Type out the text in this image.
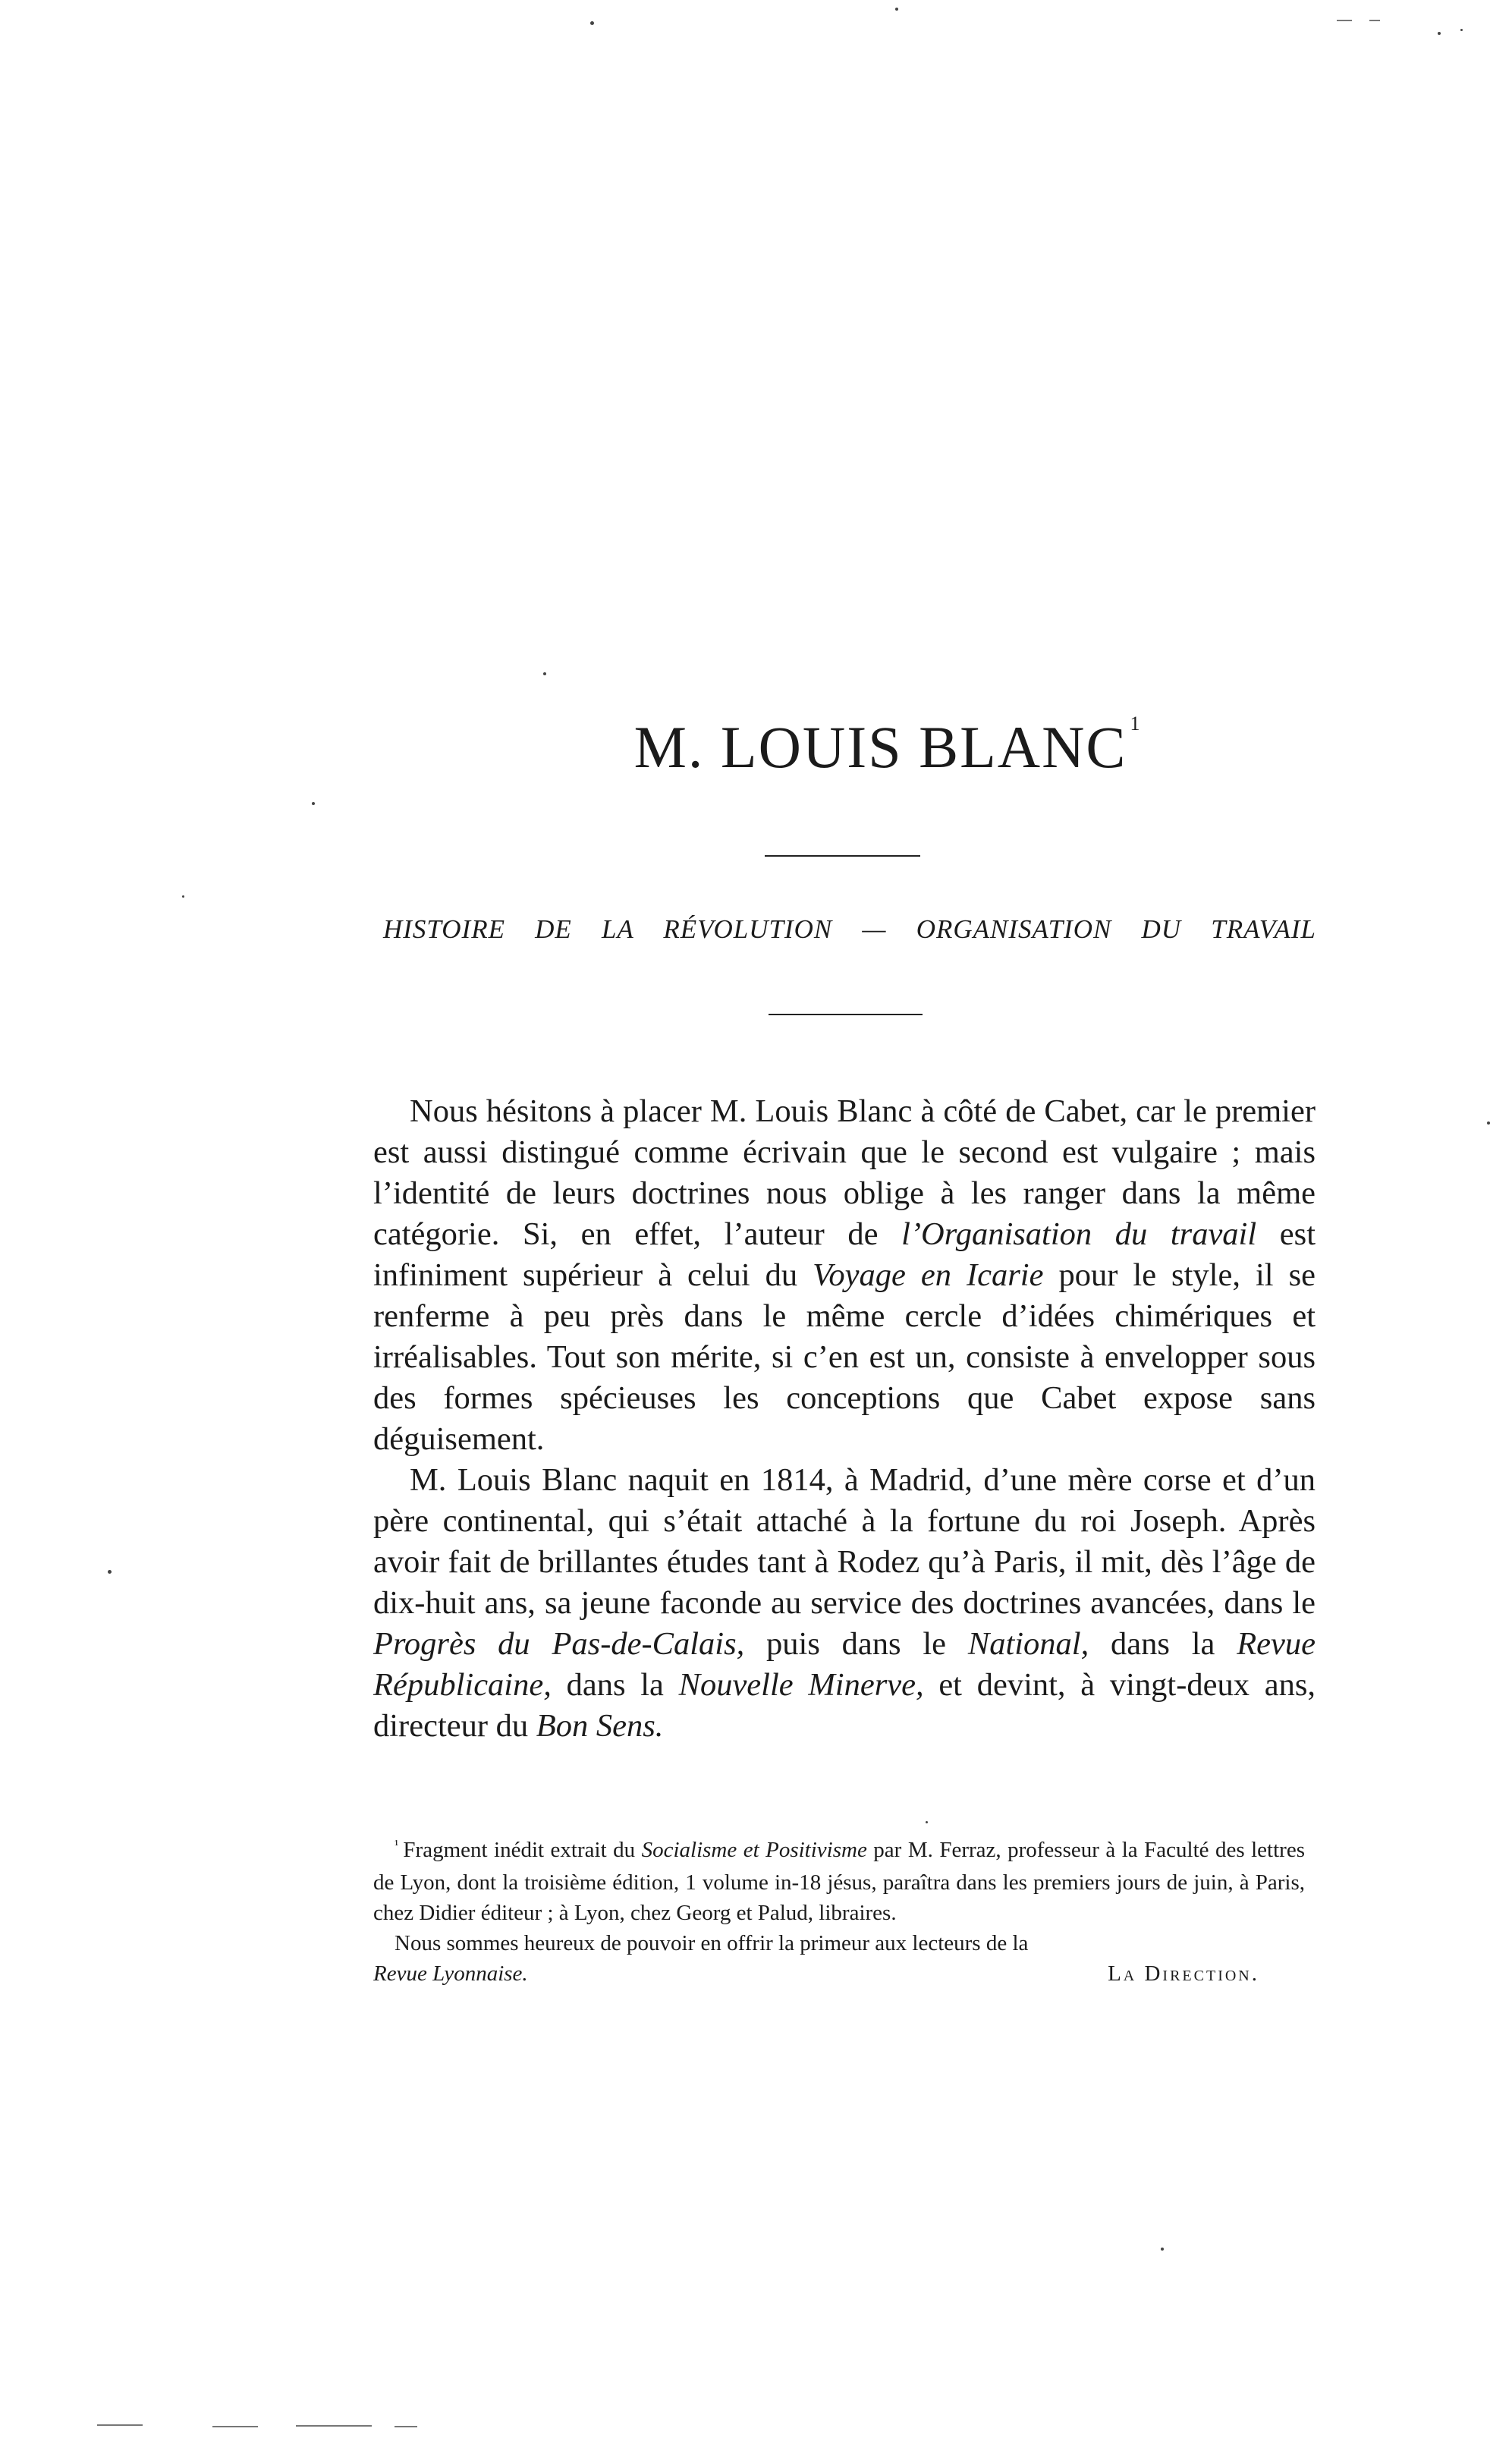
M. LOUIS BLANC $^1$
HISTOIRE DE LA RÉVOLUTION — ORGANISATION DU TRAVAIL

Nous hésitons à placer M. Louis Blanc à côté de Cabet, car le premier est aussi distingué comme écrivain que le second est vulgaire ; mais l’identité de leurs doctrines nous oblige à les ranger dans la même catégorie. Si, en effet, l’auteur de l’Organisation du travail est infiniment supérieur à celui du Voyage en Icarie pour le style, il se renferme à peu près dans le même cercle d’idées chimériques et irréalisables. Tout son mérite, si c’en est un, consiste à envelopper sous des formes spécieuses les conceptions que Cabet expose sans déguisement.

M. Louis Blanc naquit en 1814, à Madrid, d’une mère corse et d’un père continental, qui s’était attaché à la fortune du roi Joseph. Après avoir fait de brillantes études tant à Rodez qu’à Paris, il mit, dès l’âge de dix-huit ans, sa jeune faconde au service des doctrines avancées, dans le Progrès du Pas-de-Calais, puis dans le National, dans la Revue Républicaine, dans la Nouvelle Minerve, et devint, à vingt-deux ans, directeur du Bon Sens.

$^{^1}$ Fragment inédit extrait du Socialisme et Positivisme par M. Ferraz, professeur à la Faculté des lettres de Lyon, dont la troisième édition, 1 volume in-18 jésus, paraîtra dans les premiers jours de juin, à Paris, chez Didier éditeur ; à Lyon, chez Georg et Palud, libraires.

Nous sommes heureux de pouvoir en offrir la primeur aux lecteurs de la

Revue Lyonnaise.	La Direction.
